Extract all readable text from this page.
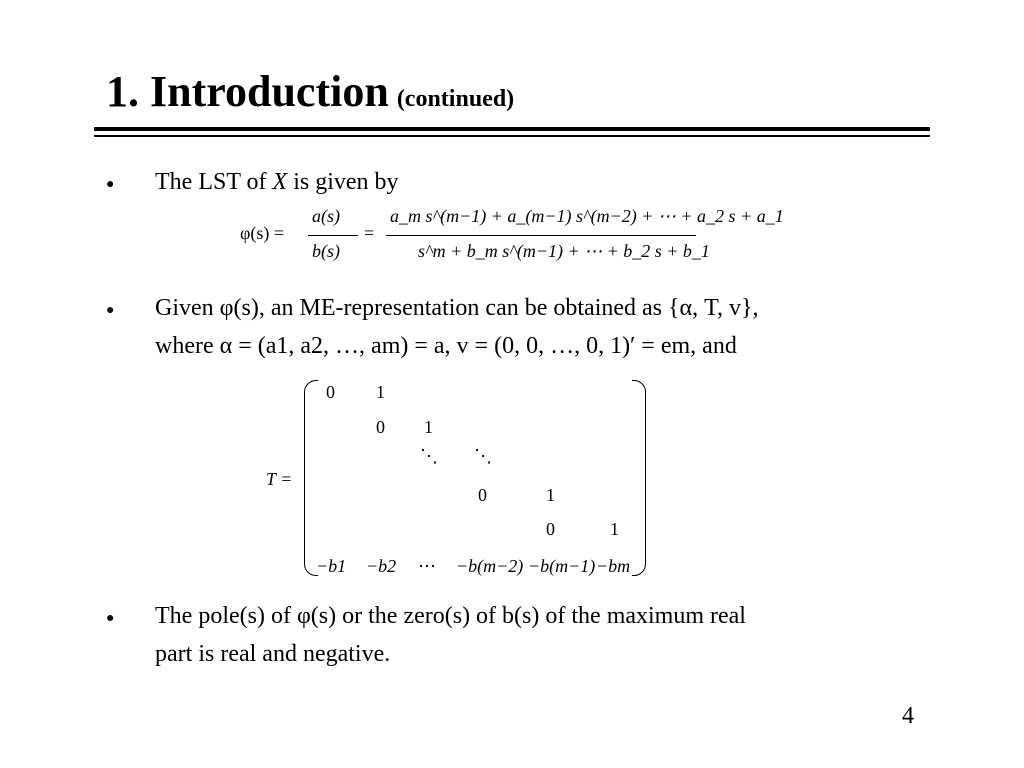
1. Introduction (continued)
● The LST of X is given by
φ(s) =
a(s)
b(s)
=
a_m s^(m−1) + a_(m−1) s^(m−2) + ⋯ + a_2 s + a_1
s^m + b_m s^(m−1) + ⋯ + b_2 s + b_1
● Given φ(s), an ME-representation can be obtained as {α, T, v},
where α = (a1, a2, …, am) = a, v = (0, 0, …, 0, 1)′ = em, and
T =
0 1
0 1
⋱ ⋱
0	1
0	1
−b1 −b2 ⋯ −b(m−2) −b(m−1) −bm
● The pole(s) of φ(s) or the zero(s) of b(s) of the maximum real
part is real and negative.
4
